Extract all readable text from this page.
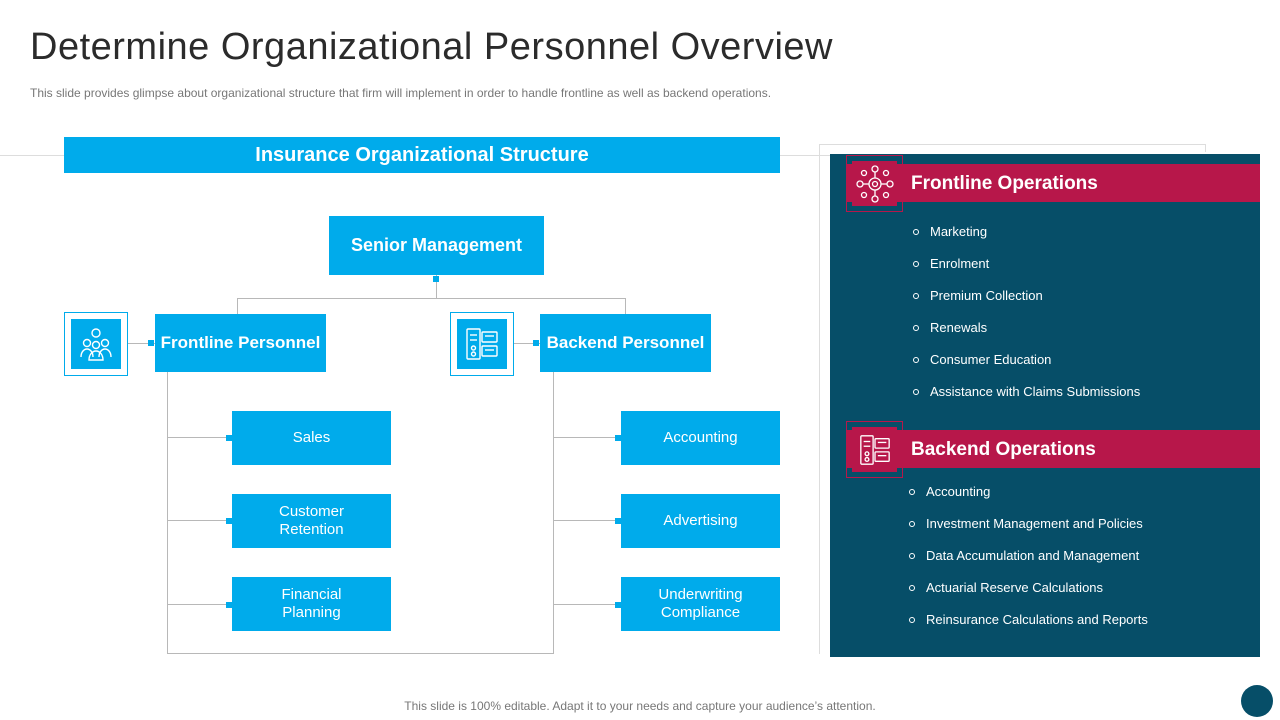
Determine Organizational Personnel Overview
This slide provides glimpse about organizational structure that firm will implement in order to handle frontline as well as backend operations.
Insurance Organizational Structure
Senior Management
Frontline Personnel	Backend Personnel
Sales
Customer
Retention
Financial
Planning
Accounting
Advertising
Underwriting
Compliance
Frontline Operations
Marketing
Enrolment
Premium Collection
Renewals
Consumer Education
Assistance with Claims Submissions
Backend Operations
Accounting
Investment Management and Policies
Data Accumulation and Management
Actuarial Reserve Calculations
Reinsurance Calculations and Reports
This slide is 100% editable. Adapt it to your needs and capture your audience’s attention.
